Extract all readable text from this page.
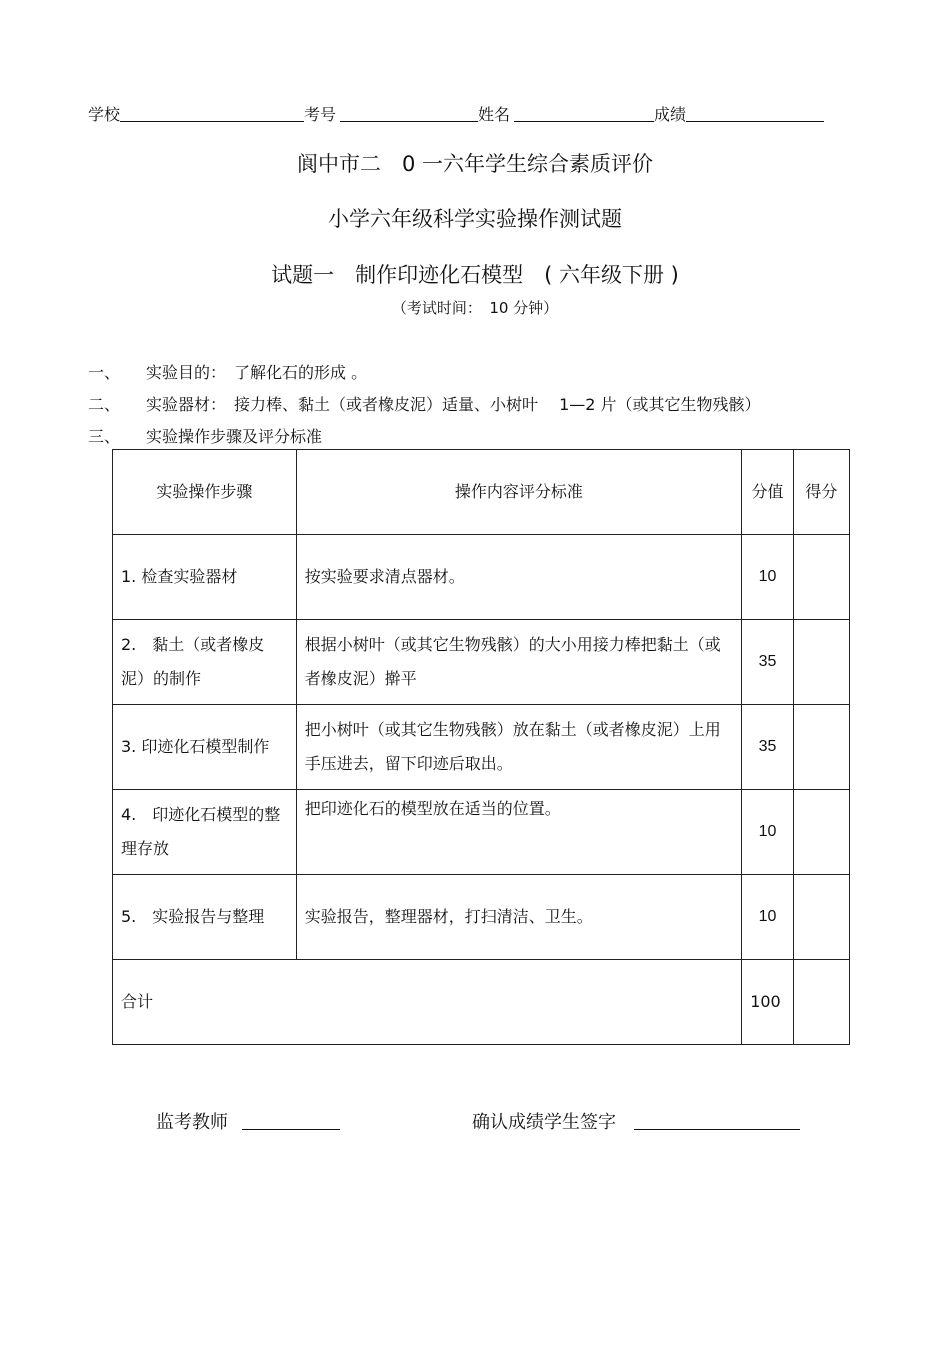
学校	考号	姓名	成绩
阆中市二　0 一六年学生综合素质评价
小学六年级科学实验操作测试题
试题一　制作印迹化石模型　( 六年级下册 )
（考试时间：　10 分钟）
一、 实验目的：　了解化石的形成 。
二、 实验器材：　接力棒、黏土（或者橡皮泥）适量、小树叶　 1—2 片（或其它生物残骸）
三、 实验操作步骤及评分标准
实验操作步骤	操作内容评分标准	分值	得分
1. 检查实验器材	按实验要求清点器材。	10	
2.　黏土（或者橡皮泥）的制作	根据小树叶（或其它生物残骸）的大小用接力棒把黏土（或者橡皮泥）擀平	35	
3. 印迹化石模型制作	把小树叶（或其它生物残骸）放在黏土（或者橡皮泥）上用手压进去，留下印迹后取出。	35	
4.　印迹化石模型的整理存放	把印迹化石的模型放在适当的位置。	10	
5.　实验报告与整理	实验报告，整理器材，打扫清洁、卫生。	10	
合计		100	
监考教师	确认成绩学生签字
